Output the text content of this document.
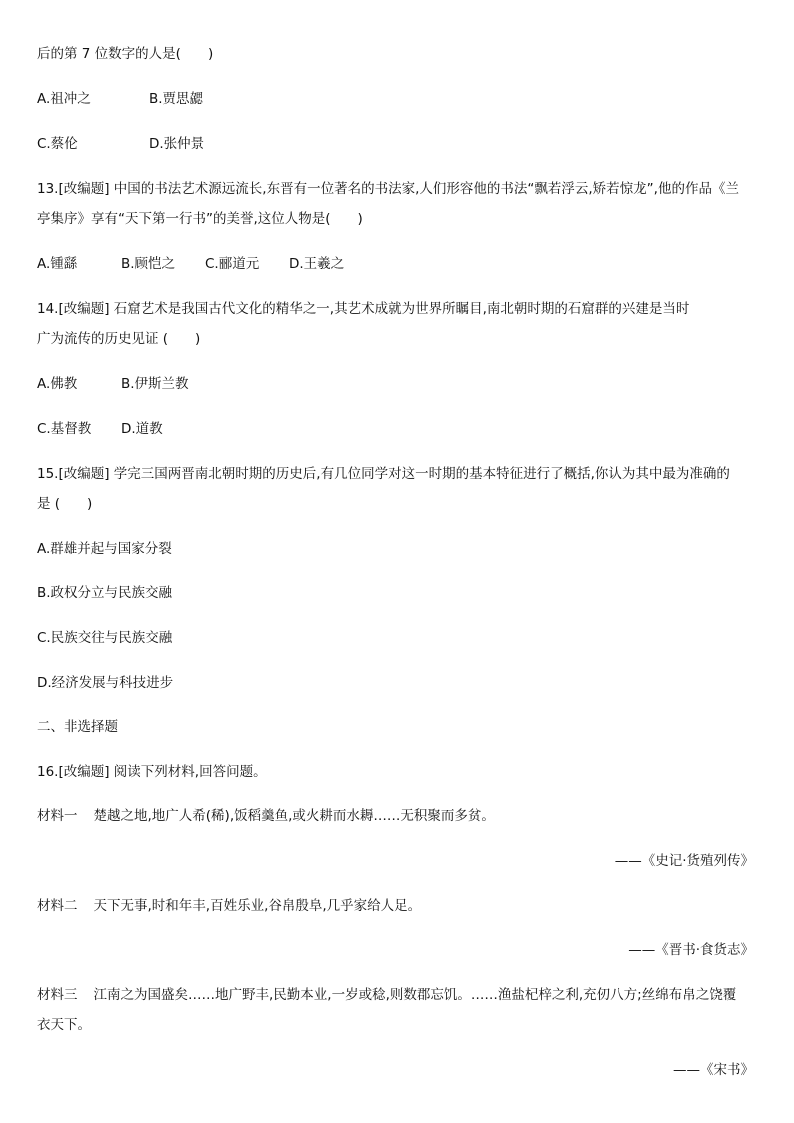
后的第 7 位数字的人是(　　)
A.祖冲之	B.贾思勰
C.蔡伦	D.张仲景
13.[改编题] 中国的书法艺术源远流长,东晋有一位著名的书法家,人们形容他的书法“飘若浮云,矫若惊龙”,他的作品《兰
亭集序》享有“天下第一行书”的美誉,这位人物是(　　)
A.锺繇	B.顾恺之 C.郦道元 D.王羲之
14.[改编题] 石窟艺术是我国古代文化的精华之一,其艺术成就为世界所瞩目,南北朝时期的石窟群的兴建是当时
广为流传的历史见证 (　　)
A.佛教	B.伊斯兰教
C.基督教 D.道教
15.[改编题] 学完三国两晋南北朝时期的历史后,有几位同学对这一时期的基本特征进行了概括,你认为其中最为准确的
是 (　　)
A.群雄并起与国家分裂
B.政权分立与民族交融
C.民族交往与民族交融
D.经济发展与科技进步
二、非选择题
16.[改编题] 阅读下列材料,回答问题。
材料一 楚越之地,地广人希(稀),饭稻羹鱼,或火耕而水耨……无积聚而多贫。
——《史记·货殖列传》
材料二 天下无事,时和年丰,百姓乐业,谷帛殷阜,几乎家给人足。
——《晋书·食货志》
材料三 江南之为国盛矣……地广野丰,民勤本业,一岁或稔,则数郡忘饥。……渔盐杞梓之利,充仞八方;丝绵布帛之饶覆
衣天下。
——《宋书》
